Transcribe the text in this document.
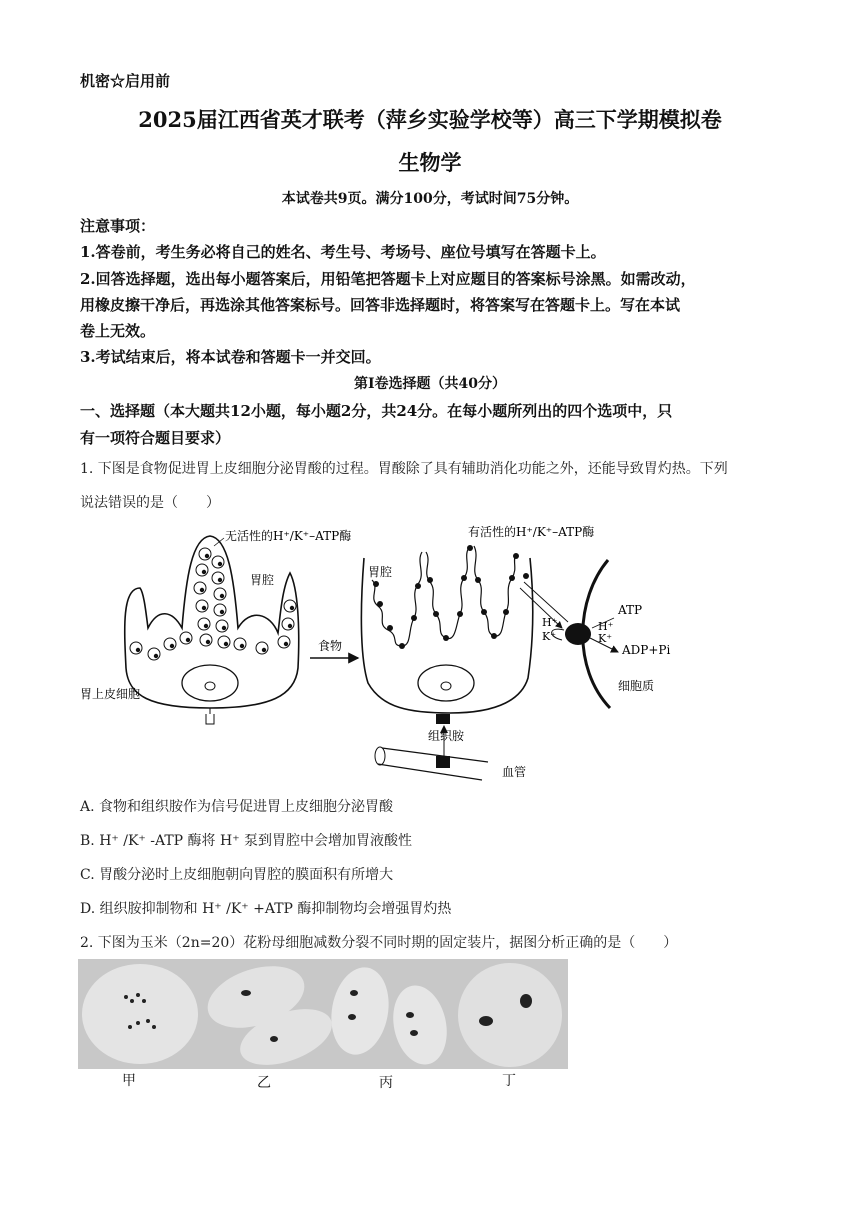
机密☆启用前
2025届江西省英才联考（萍乡实验学校等）高三下学期模拟卷
生物学
本试卷共9页。满分100分，考试时间75分钟。
注意事项：
1.答卷前，考生务必将自己的姓名、考生号、考场号、座位号填写在答题卡上。
2.回答选择题，选出每小题答案后，用铅笔把答题卡上对应题目的答案标号涂黑。如需改动，
用橡皮擦干净后，再选涂其他答案标号。回答非选择题时，将答案写在答题卡上。写在本试
卷上无效。
3.考试结束后，将本试卷和答题卡一并交回。
第I卷选择题（共40分）
一、选择题（本大题共12小题，每小题2分，共24分。在每小题所列出的四个选项中，只
有一项符合题目要求）
1. 下图是食物促进胃上皮细胞分泌胃酸的过程。胃酸除了具有辅助消化功能之外，还能导致胃灼热。下列
说法错误的是（　　）
无活性的H⁺/K⁺–ATP酶
胃腔
胃上皮细胞
食物
有活性的H⁺/K⁺–ATP酶
胃腔
组织胺
血管
ATP
H⁺
K⁺
H⁺
K⁺
ADP+Pi
细胞质
A. 食物和组织胺作为信号促进胃上皮细胞分泌胃酸
B. H⁺ /K⁺ -ATP 酶将 H⁺ 泵到胃腔中会增加胃液酸性
C. 胃酸分泌时上皮细胞朝向胃腔的膜面积有所增大
D. 组织胺抑制物和 H⁺ /K⁺ +ATP 酶抑制物均会增强胃灼热
2. 下图为玉米（2n=20）花粉母细胞减数分裂不同时期的固定装片，据图分析正确的是（　　）
甲	乙	丙	丁
